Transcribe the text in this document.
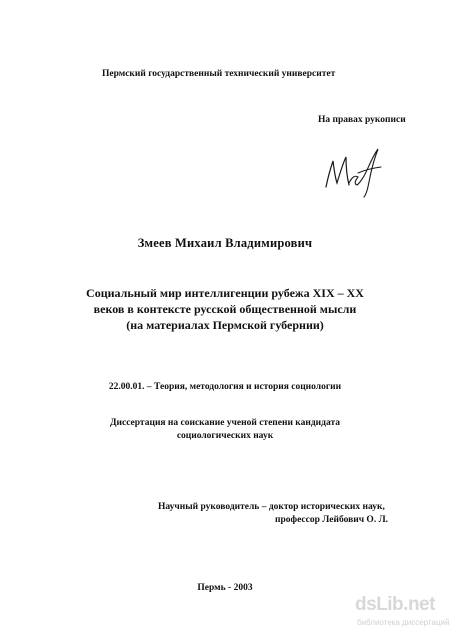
Пермский государственный технический университет
На правах рукописи
Змеев Михаил Владимирович
Социальный мир интеллигенции рубежа XIX – XX
веков в контексте русской общественной мысли
(на материалах Пермской губернии)
22.00.01. – Теория, методология и история социологии
Диссертация на соискание ученой степени кандидата
социологических наук
Научный руководитель – доктор исторических наук,
профессор Лейбович О. Л.
Пермь - 2003
dsLib.net
библиотека диссертаций
